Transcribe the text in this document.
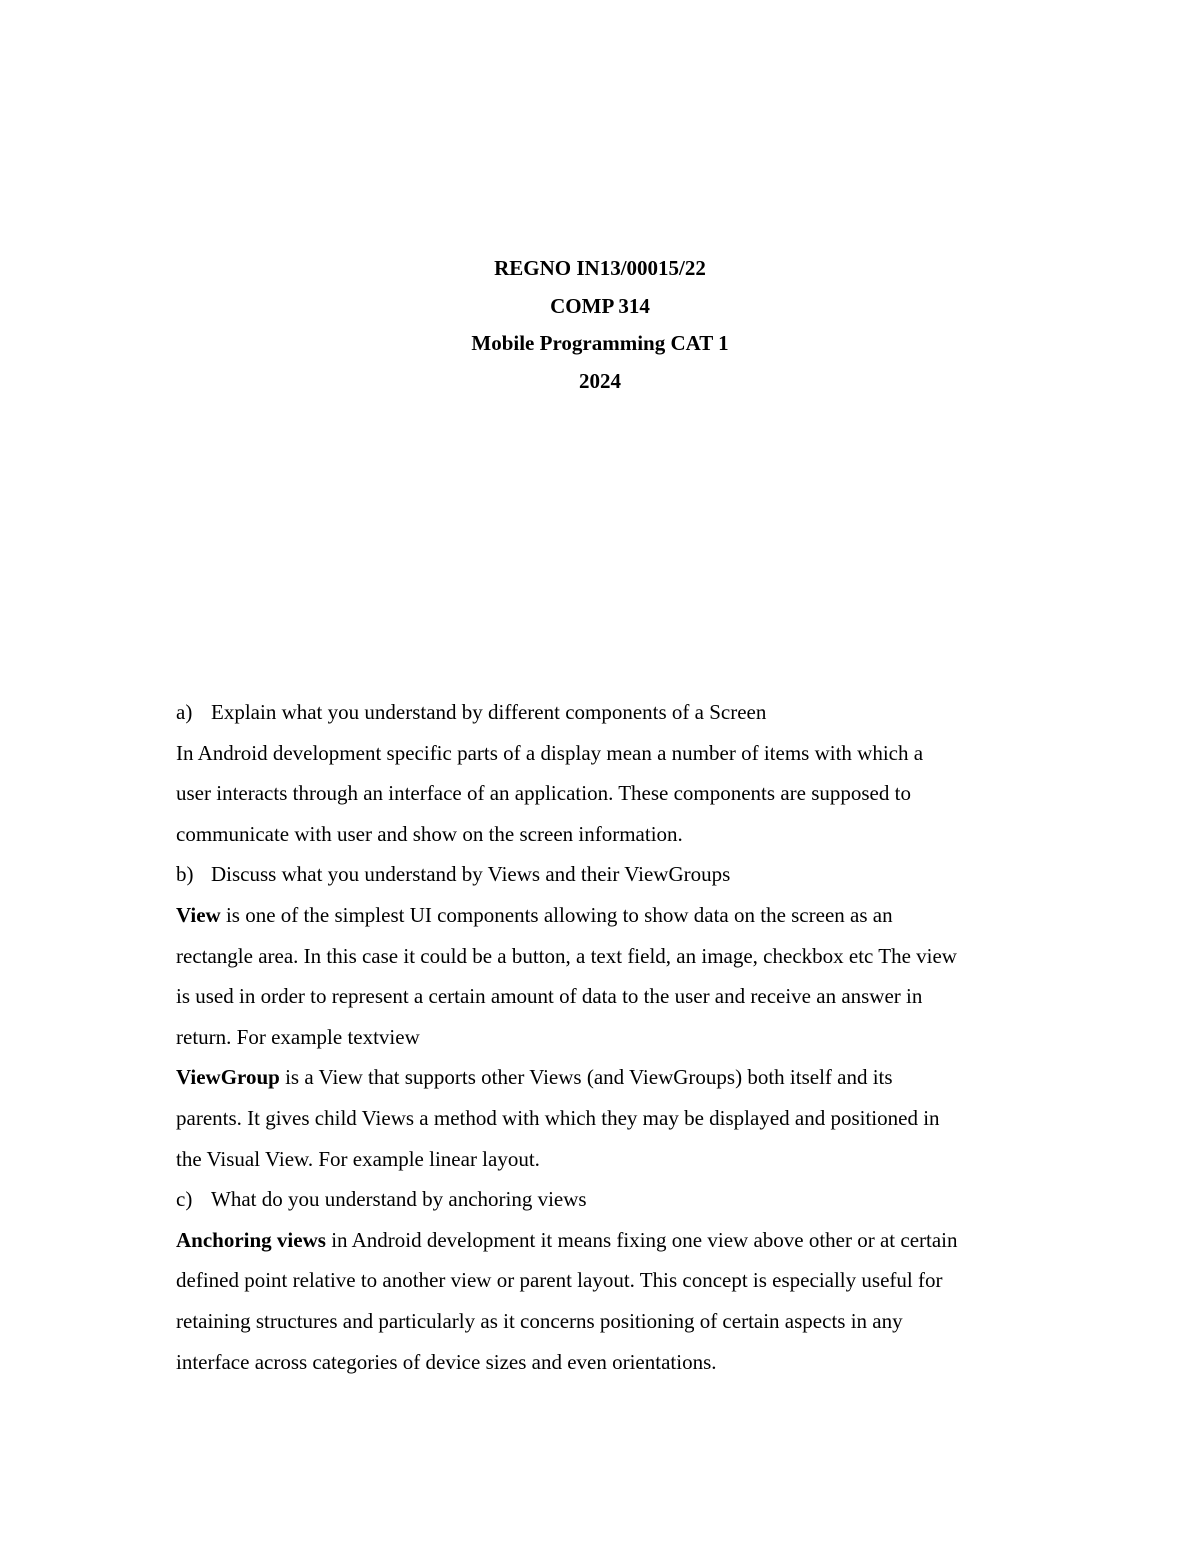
REGNO IN13/00015/22
COMP 314
Mobile Programming CAT 1
2024
a) Explain what you understand by different components of a Screen
In Android development specific parts of a display mean a number of items with which a
user interacts through an interface of an application. These components are supposed to
communicate with user and show on the screen information.
b) Discuss what you understand by Views and their ViewGroups
View is one of the simplest UI components allowing to show data on the screen as an
rectangle area. In this case it could be a button, a text field, an image, checkbox etc The view
is used in order to represent a certain amount of data to the user and receive an answer in
return. For example textview
ViewGroup is a View that supports other Views (and ViewGroups) both itself and its
parents. It gives child Views a method with which they may be displayed and positioned in
the Visual View. For example linear layout.
c) What do you understand by anchoring views
Anchoring views in Android development it means fixing one view above other or at certain
defined point relative to another view or parent layout. This concept is especially useful for
retaining structures and particularly as it concerns positioning of certain aspects in any
interface across categories of device sizes and even orientations.
